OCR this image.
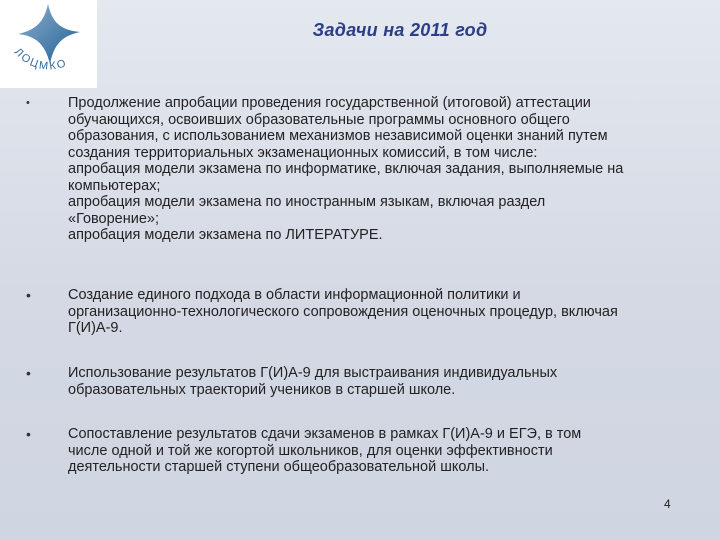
ЛОЦМКО
Задачи на 2011 год
•	Продолжение апробации проведения государственной (итоговой) аттестации
обучающихся, освоивших образовательные программы основного общего
образования, с использованием механизмов независимой оценки знаний путем
создания территориальных экзаменационных комиссий, в том числе:
апробация модели экзамена по информатике, включая задания, выполняемые на
компьютерах;
апробация модели экзамена по иностранным языкам, включая раздел
«Говорение»;
апробация модели экзамена по ЛИТЕРАТУРЕ.
•	Создание единого подхода в области информационной политики и
организационно-технологического сопровождения оценочных процедур, включая
Г(И)А-9.
•	Использование результатов Г(И)А-9 для выстраивания индивидуальных
образовательных траекторий учеников в старшей школе.
•	Сопоставление результатов сдачи экзаменов в рамках Г(И)А-9 и ЕГЭ, в том
числе одной и той же когортой школьников, для оценки эффективности
деятельности старшей ступени общеобразовательной школы.
4
